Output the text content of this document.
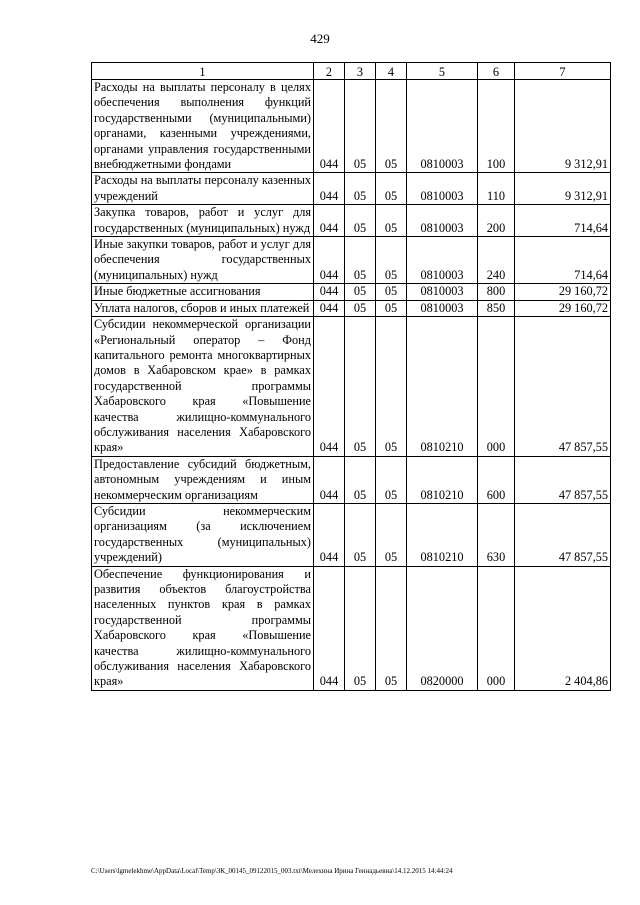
429
1	2	3	4	5	6	7
Расходы на выплаты персоналу в целях обеспечения выполнения функций государственными (муниципальными) органами, казенными учреждениями, органами управления государственными внебюджетными фондами	044	05	05	0810003	100	9 312,91
Расходы на выплаты персоналу казенных учреждений	044	05	05	0810003	110	9 312,91
Закупка товаров, работ и услуг для государственных (муниципальных) нужд	044	05	05	0810003	200	714,64
Иные закупки товаров, работ и услуг для обеспечения государственных (муниципальных) нужд	044	05	05	0810003	240	714,64
Иные бюджетные ассигнования	044	05	05	0810003	800	29 160,72
Уплата налогов, сборов и иных платежей	044	05	05	0810003	850	29 160,72
Субсидии некоммерческой организации «Региональный оператор – Фонд капитального ремонта многоквартирных домов в Хабаровском крае» в рамках государственной программы Хабаровского края «Повышение качества жилищно-коммунального обслуживания населения Хабаровского края»	044	05	05	0810210	000	47 857,55
Предоставление субсидий бюджетным, автономным учреждениям и иным некоммерческим организациям	044	05	05	0810210	600	47 857,55
Субсидии некоммерческим организациям (за исключением государственных (муниципальных) учреждений)	044	05	05	0810210	630	47 857,55
Обеспечение функционирования и развития объектов благоустройства населенных пунктов края в рамках государственной программы Хабаровского края «Повышение качества жилищно-коммунального обслуживания населения Хабаровского края»	044	05	05	0820000	000	2 404,86
C:\Users\lgmelekhme\AppData\Local\Temp\ЗК_00145_09122015_003.txt\Мелехина Ирина Геннадьевна\14.12.2015 14:44:24
